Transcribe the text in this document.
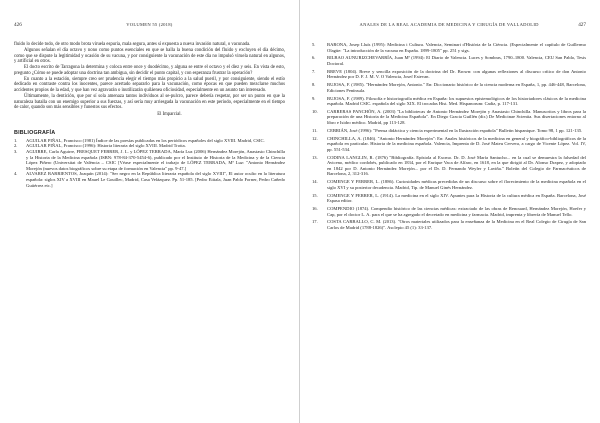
426	VOLUMEN 55 (2018)

fluido lo decide todo, de otro modo brota viruela espuria, mala segura, antes sí expuesta a nueva invasión natural, o vacunada.

Algunos señalan el día octavo y nono como puntos esenciales en que se halla la buena condición del fluido y excluyen el día décimo, como que se dispute la legitimidad y ocasión de su vacuna, y por consiguiente la vacunación de este día no impulsó viruela natural en algunos, y artificial en otros.

El docto escrito de Tarragona la determina y coloca entre once y duodécimo, y alguna se entre el octavo y el diez y seis. En vista de esto, pregunto ¿Cómo se puede adoptar una doctrina tan ambigua, sin decidir el punto capital, y con esperanza frustrar la operación?

En cuanto a la estación, siempre creo ser prudencia elegir el tiempo más propicio a la salud pueril, y por consiguiente, siendo el estío dedicado en contraste contra los inocentes, parece acertado separarlo para la vacunación, como épocas en que pueden mezclarse muchos accidentes propios de la edad, y que han vez agravarán o inutilizarán quiláenea oficiosidad, especialmente en un asunto tan interesado.

Últimamente, la dentición, que por sí sola amenaza tantos individuos al se-pulcro, parece debería respetar, por ser un punto en que la naturaleza batalla con un enemigo superior a sus fuerzas, y así sería muy arriesgada la vacunación en este periodo, especialmente en el tiempo de calor, quando son más sensibles y funestos sus efectos.

El Imparcial.

BIBLIOGRAFÍA
1.	AGUILAR PIÑAL, Francisco (1981) Índice de las poesías publicadas en los periódicos españoles del siglo XVIII. Madrid, CSIC.
2.	AGUILAR PIÑAL, Francisco (1996): Historia literaria del siglo XVIII. Madrid Trotta.
3.	AGUIRRE, Carla Aguirre, FRESQUET FEBRER, J. L. y LÓPEZ TERRADA, María Luz (2006) Hernández Morejón, Anastasio Chinchilla y la Historia de la Medicina española (ISBN: 978-84-370-5454-6), publicado por el Instituto de Historia de la Medicina y de la Ciencia López Piñero (Universitat de València – CSIC [Véase especialmente el trabajo de LÓPEZ TERRADA, Mª Luz: "Antonio Hernández Morejón (nuevos datos biográficos sobre su etapa de formación en Valencia" pp. 9-47.]
4.	ALVAREZ BARRIENTOS, Joaquín (2014): "Ser negro en la República literaria española del siglo XVIII", El autor oculto en la literatura española: siglos XIV a XVIII en Mauel Le Gouillec, Madrid, Casa Velázquez. Pp. 51-185. [Pedro Eiitala, Juan Pablo Forner, Pedro Cañedo Gutiérrez etc.]
ANALES DE LA REAL ACADEMIA DE MEDICINA Y CIRUGÍA DE VALLADOLID	427
5.	BARONA, Josep Lluís (1995): Medicina i Cultura. Valencia, Seminari d'Història de la Ciència. (Especialmente el capítulo de Guillermo Olagüe: "La introducción de la vacuna en España. 1899-1805" pp. 251 y sigs.
6.	BILBAO AUNURIZCHEVARRÍA, Juan Mª (1994): El Diario de Valencia. Luces y Sombras, 1790–1800. Valencia, CEU San Pablo, Tesis Doctoral.
7.	BREVE (1804). Breve y sencilla exposición de la doctrina del Dr. Brown: con algunas reflexiones al discurso crítico de don Antonio Hernández por D. F. J. M. V. O Valencia, Josef Estevan.
8.	BUJOSA, F. (1985). "Hernández Morejón, Antonio." En: Diccionario histórico de la ciencia moderna en España, 1, pp. 446-448, Barcelona, Ediciones Península.
9.	BUJOSA, F. (1989). Filosofía e historiografía médica en España: los supuestos epistemológicos de los historiadores clásicos de la medicina española. Madrid CSIC. española del siglo XIX. El trocadas Hist. Med. Hispanorum: Cadiz, p. 117-131.
10.	CARRERAS PANCHÓN, A. (2003) "La bibliotecas de Antonio Hernández Morejón y Anastasio Chinchilla. Manuscritos y libros para la preparación de una Historia de la Medicina Española". En Diego Gracia Guillén (dir.) De Medicinae Scientia. Sus disertaciones entorno al libro e Isidro médico. Madrid, pp 113-128.
11.	CEBRIÁN, José (1996): "Prensa didáctica y ciencia experimental en la Ilustración española" Bulletin hispanique. Tomo 98, 1 pp. 121-135.
12.	CHINCHILLA, A. (1846). "Antonio Hernández Morejón": En: Anales históricos de la medicina en general y biográfico-bibliográficos de la española en particular. Historia de la medicina española. Valencia, Imprenta de D. José Mateu Cervera, a cargo de Vicente López. Vol. IV, pp. 551-534.
13.	CODINA LANGLIN, R. (1876) "Bibliografía. Epístola al Excmo. Dr. D. José María Santucho... en la cual se demuestra la falsedad del Aviceno, médico cordobés, publicado en 1834, por el Enrique Vaca de Alfaro, en 1618, en la que dirigió al Dr. Alonso Drapez, y adoptado en 1842 por D. Antonio Hernández Morejón... por el Dr. D. Fernando Weyler y Laviña." Boletín del Colegio de Farmacéuticos de Barcelona, 2, 312-316.
14.	COMENGE Y FERRER, L. (1886). Curiosidades médicas precedidas de un discurso sobre el florecimiento de la medicina española en el siglo XVI y su posterior decadencia. Madrid, Tip. de Manuel Ginés Hernández.
15.	COMENGE Y FERRER, L. (1914). La medicina en el siglo XIV. Apuntes para la Historia de la cultura médica en España. Barcelona, José Espasa editor.
16.	COMPENDIO (1874). Compendio histórico de las ciencias médicas: extractado de las obras de Renouard, Hernández Morejón, Hoefer y Cap, por el doctor L. A. para el que se ha agregado el decretado en medicina y farmacia. Madrid, imprenta y librería de Manuel Tello.
17.	COSTA CARBALLO, C. M. (2013). "Otros materiales utilizados para la enseñanza de la Medicina en el Real Colegio de Cirugía de San Carlos de Madrid (1788-1826)". Asclepio 45 (1): 33-137.
